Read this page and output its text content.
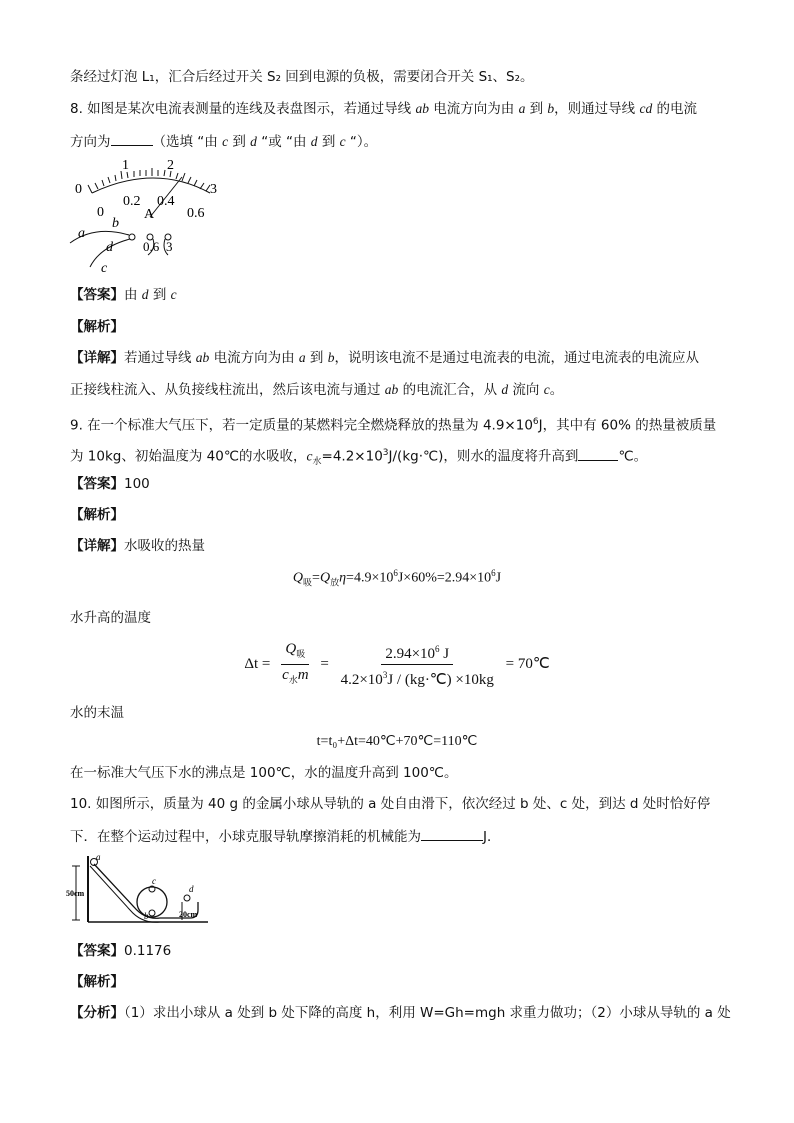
条经过灯泡 L₁，汇合后经过开关 S₂ 回到电源的负极，需要闭合开关 S₁、S₂。
8. 如图是某次电流表测量的连线及表盘图示，若通过导线 ab 电流方向为由 a 到 b，则通过导线 cd 的电流
方向为	（选填 “由 c 到 d “或 “由 d 到 c “）。
0
1	2
3
0
0.2 0.4
0.6
A
0.6 3
a
b
d
c
【答案】由 d 到 c
【解析】
【详解】若通过导线 ab 电流方向为由 a 到 b，说明该电流不是通过电流表的电流，通过电流表的电流应从
正接线柱流入、从负接线柱流出，然后该电流与通过 ab 的电流汇合，从 d 流向 c。
9. 在一个标准大气压下，若一定质量的某燃料完全燃烧释放的热量为 $4.9\times 10^6J$，其中有 60% 的热量被质量
为 10kg、初始温度为 40℃的水吸收，$c_水=4.2\times 10^3J/(kg\cdot℃)$，则水的温度将升高到	℃。
【答案】100
【解析】
【详解】水吸收的热量
$Q_吸=Q_放\eta=4.9\times 10^6J\times 60\%=2.94\times 10^6J$
水升高的温度
$\Delta t = \frac{Q_吸}{c_水m} = \frac{2.94\times 10^6 J}{4.2\times 10^3J / (kg\cdot℃) \times 10kg}$ = 70℃
水的末温
t=t₀+Δt=40℃+70℃=110℃
在一标准大气压下水的沸点是 100℃，水的温度升高到 100℃。
10. 如图所示，质量为 40 g 的金属小球从导轨的 a 处自由滑下，依次经过 b 处、c 处，到达 d 处时恰好停
下．在整个运动过程中，小球克服导轨摩擦消耗的机械能为	J．
a
b
c
d
50cm
20cm
【答案】0.1176
【解析】
【分析】（1）求出小球从 a 处到 b 处下降的高度 h，利用 W=Gh=mgh 求重力做功；（2）小球从导轨的 a 处
